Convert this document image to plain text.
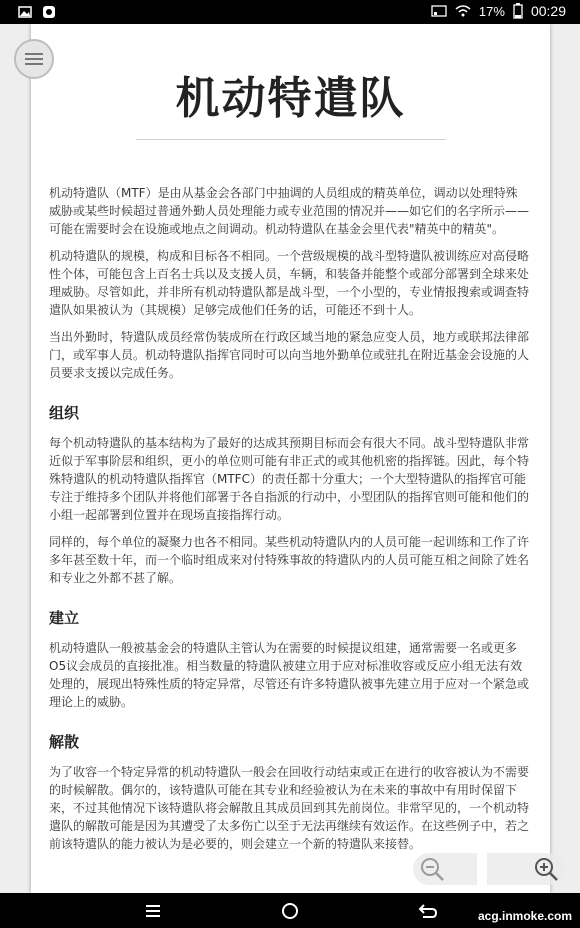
17% 00:29
机动特遣队

机动特遣队（MTF）是由从基金会各部门中抽调的人员组成的精英单位，调动以处理特殊威胁或某些时候超过普通外勤人员处理能力或专业范围的情况并——如它们的名字所示——可能在需要时会在设施或地点之间调动。机动特遣队在基金会里代表"精英中的精英"。

机动特遣队的规模，构成和目标各不相同。一个营级规模的战斗型特遣队被训练应对高侵略性个体，可能包含上百名士兵以及支援人员，车辆，和装备并能整个或部分部署到全球来处理威胁。尽管如此，并非所有机动特遣队都是战斗型，一个小型的，专业情报搜索或调查特遣队如果被认为（其规模）足够完成他们任务的话，可能还不到十人。

当出外勤时，特遣队成员经常伪装成所在行政区域当地的紧急应变人员，地方或联邦法律部门，或军事人员。机动特遣队指挥官同时可以向当地外勤单位或驻扎在附近基金会设施的人员要求支援以完成任务。

组织

每个机动特遣队的基本结构为了最好的达成其预期目标而会有很大不同。战斗型特遣队非常近似于军事阶层和组织，更小的单位则可能有非正式的或其他机密的指挥链。因此，每个特殊特遣队的机动特遣队指挥官（MTFC）的责任都十分重大；一个大型特遣队的指挥官可能专注于维持多个团队并将他们部署于各自指派的行动中，小型团队的指挥官则可能和他们的小组一起部署到位置并在现场直接指挥行动。

同样的，每个单位的凝聚力也各不相同。某些机动特遣队内的人员可能一起训练和工作了许多年甚至数十年，而一个临时组成来对付特殊事故的特遣队内的人员可能互相之间除了姓名和专业之外都不甚了解。

建立

机动特遣队一般被基金会的特遣队主管认为在需要的时候提议组建，通常需要一名或更多O5议会成员的直接批准。相当数量的特遣队被建立用于应对标准收容或反应小组无法有效处理的，展现出特殊性质的特定异常，尽管还有许多特遣队被事先建立用于应对一个紧急或理论上的威胁。

解散

为了收容一个特定异常的机动特遣队一般会在回收行动结束或正在进行的收容被认为不需要的时候解散。偶尔的，该特遣队可能在其专业和经验被认为在未来的事故中有用时保留下来，不过其他情况下该特遣队将会解散且其成员回到其先前岗位。非常罕见的，一个机动特遣队的解散可能是因为其遭受了太多伤亡以至于无法再继续有效运作。在这些例子中，若之前该特遣队的能力被认为是必要的，则会建立一个新的特遣队来接替。

acg.inmoke.com
